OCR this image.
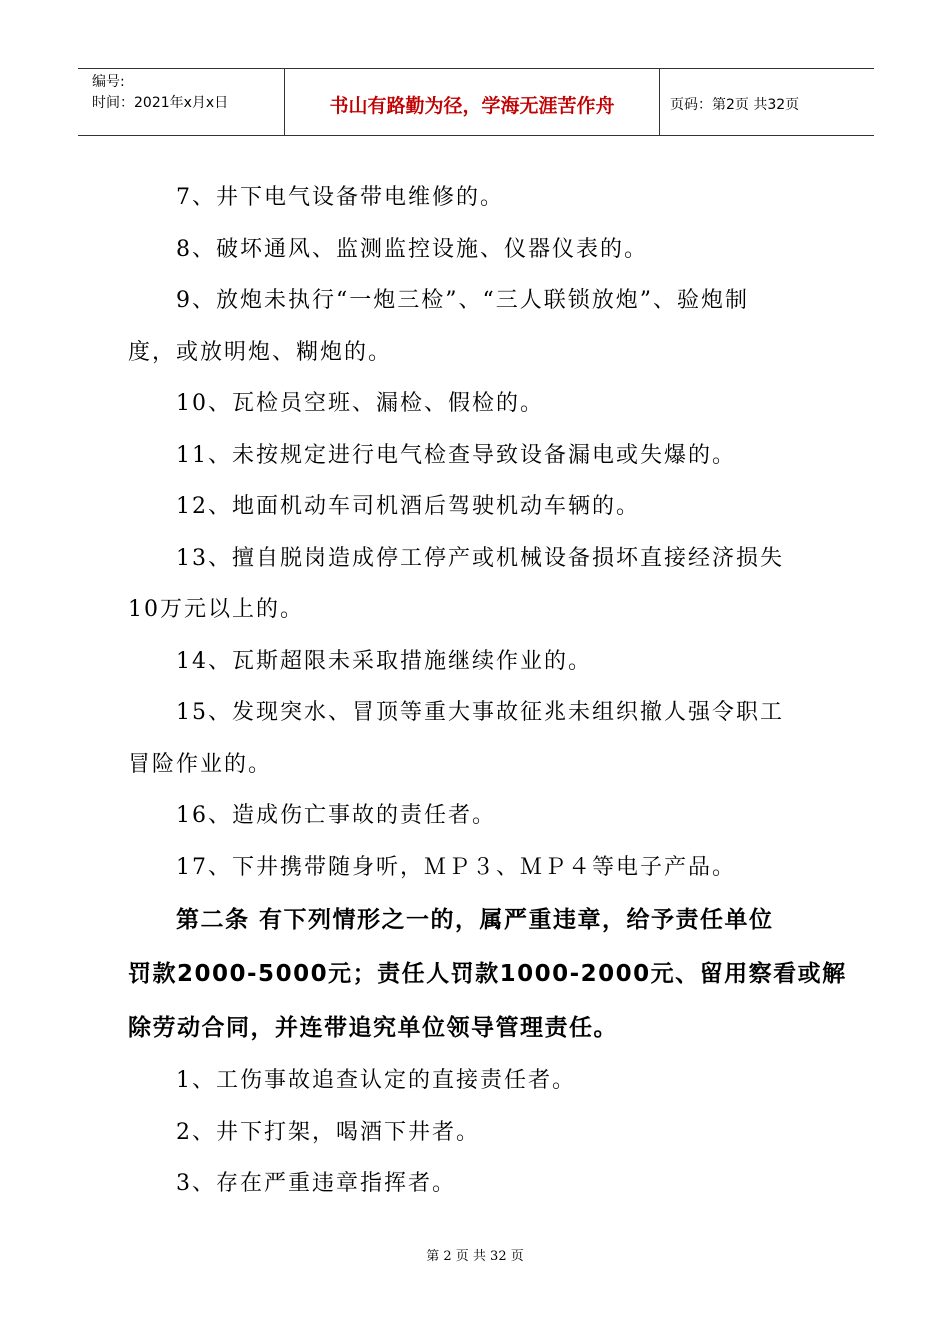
编号:
时间：2021年x月x日	书山有路勤为径，学海无涯苦作舟	页码：第2页 共32页
7、井下电气设备带电维修的。
8、破坏通风、监测监控设施、仪器仪表的。
9、放炮未执行“一炮三检”、“三人联锁放炮”、验炮制
度，或放明炮、糊炮的。
10、瓦检员空班、漏检、假检的。
11、未按规定进行电气检查导致设备漏电或失爆的。
12、地面机动车司机酒后驾驶机动车辆的。
13、擅自脱岗造成停工停产或机械设备损坏直接经济损失
10万元以上的。
14、瓦斯超限未采取措施继续作业的。
15、发现突水、冒顶等重大事故征兆未组织撤人强令职工
冒险作业的。
16、造成伤亡事故的责任者。
17、下井携带随身听，ＭＰ３、ＭＰ４等电子产品。
第二条 有下列情形之一的，属严重违章，给予责任单位
罚款2000-5000元；责任人罚款1000-2000元、留用察看或解
除劳动合同，并连带追究单位领导管理责任。
1、工伤事故追查认定的直接责任者。
2、井下打架，喝酒下井者。
3、存在严重违章指挥者。
第 2 页 共 32 页
